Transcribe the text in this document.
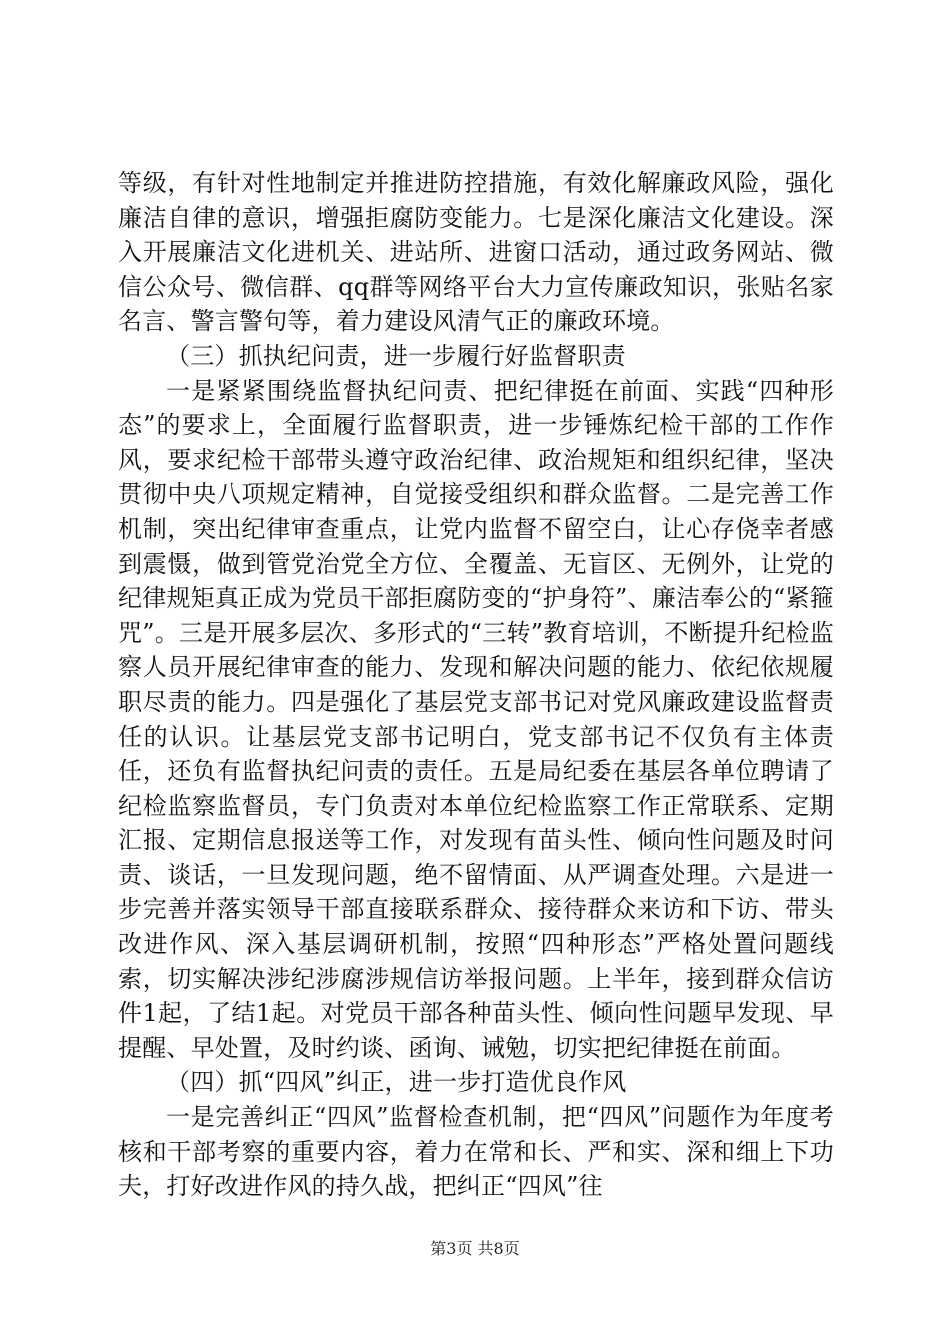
等级，有针对性地制定并推进防控措施，有效化解廉政风险，强化廉洁自律的意识，增强拒腐防变能力。七是深化廉洁文化建设。深入开展廉洁文化进机关、进站所、进窗口活动，通过政务网站、微信公众号、微信群、qq群等网络平台大力宣传廉政知识，张贴名家名言、警言警句等，着力建设风清气正的廉政环境。

（三）抓执纪问责，进一步履行好监督职责

一是紧紧围绕监督执纪问责、把纪律挺在前面、实践“四种形态”的要求上，全面履行监督职责，进一步锤炼纪检干部的工作作风，要求纪检干部带头遵守政治纪律、政治规矩和组织纪律，坚决贯彻中央八项规定精神，自觉接受组织和群众监督。二是完善工作机制，突出纪律审查重点，让党内监督不留空白，让心存侥幸者感到震慑，做到管党治党全方位、全覆盖、无盲区、无例外，让党的纪律规矩真正成为党员干部拒腐防变的“护身符”、廉洁奉公的“紧箍咒”。三是开展多层次、多形式的“三转”教育培训，不断提升纪检监察人员开展纪律审查的能力、发现和解决问题的能力、依纪依规履职尽责的能力。四是强化了基层党支部书记对党风廉政建设监督责任的认识。让基层党支部书记明白，党支部书记不仅负有主体责任，还负有监督执纪问责的责任。五是局纪委在基层各单位聘请了纪检监察监督员，专门负责对本单位纪检监察工作正常联系、定期汇报、定期信息报送等工作，对发现有苗头性、倾向性问题及时问责、谈话，一旦发现问题，绝不留情面、从严调查处理。六是进一步完善并落实领导干部直接联系群众、接待群众来访和下访、带头改进作风、深入基层调研机制，按照“四种形态”严格处置问题线索，切实解决涉纪涉腐涉规信访举报问题。上半年，接到群众信访件1起，了结1起。对党员干部各种苗头性、倾向性问题早发现、早提醒、早处置，及时约谈、函询、诫勉，切实把纪律挺在前面。

（四）抓“四风”纠正，进一步打造优良作风

一是完善纠正“四风”监督检查机制，把“四风”问题作为年度考核和干部考察的重要内容，着力在常和长、严和实、深和细上下功夫，打好改进作风的持久战，把纠正“四风”往

第3页 共8页
